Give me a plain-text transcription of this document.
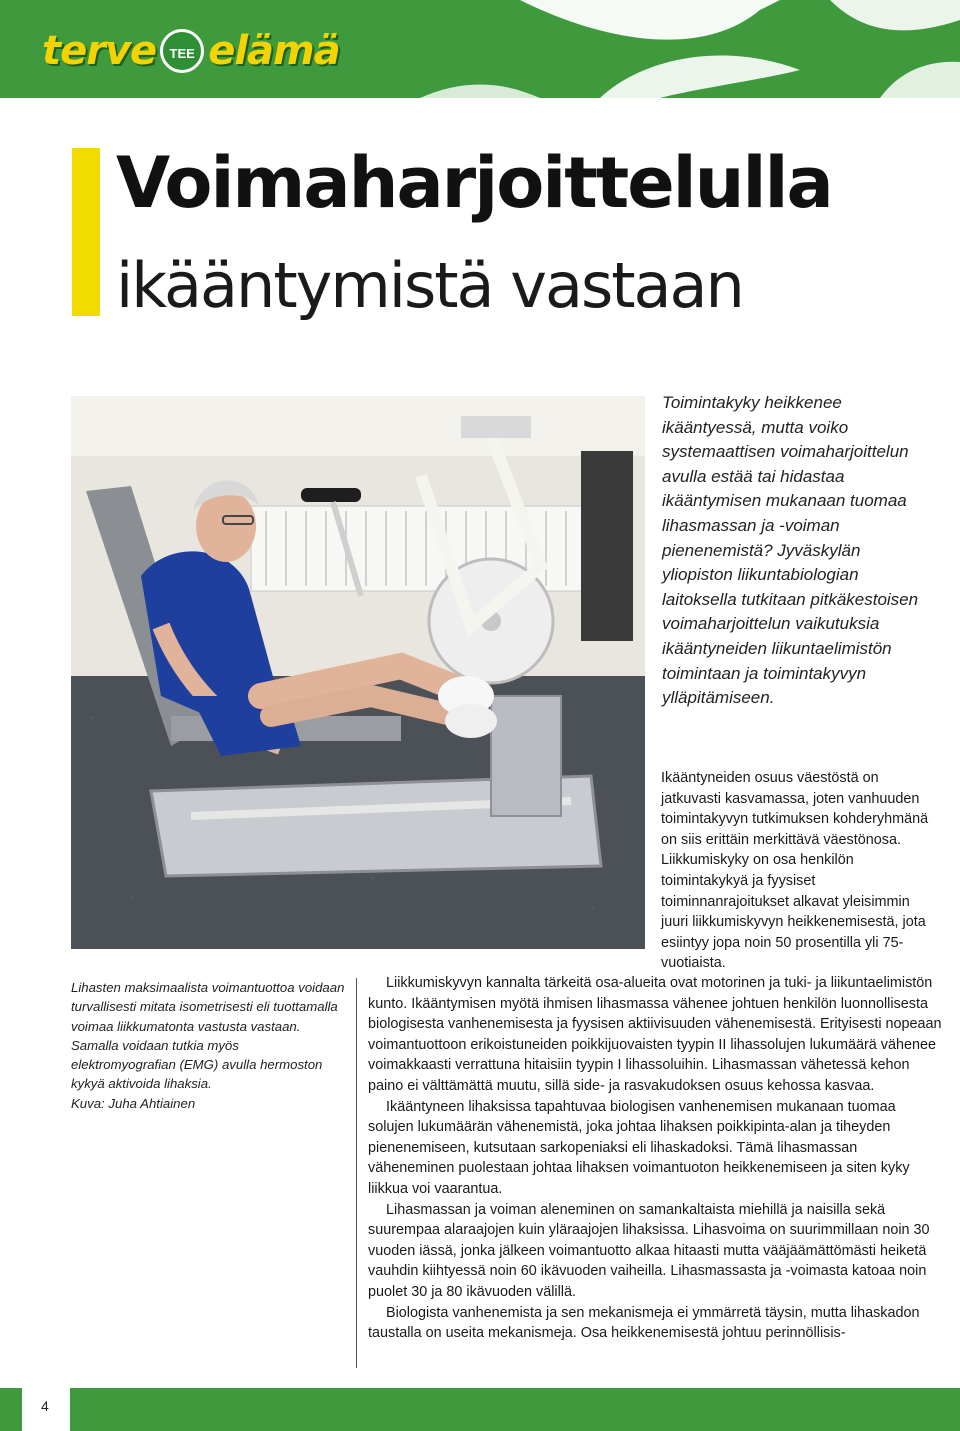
terve	TEE elämä
Voimaharjoittelulla
ikääntymistä vastaan
Toimintakyky heikkenee ikääntyessä, mutta voiko systemaattisen voimaharjoittelun avulla estää tai hidastaa ikääntymisen mukanaan tuomaa lihasmassan ja -voiman pienenemistä? Jyväskylän yliopiston liikuntabiologian laitoksella tutkitaan pitkäkestoisen voimaharjoittelun vaikutuksia ikääntyneiden liikuntaelimistön toimintaan ja toimintakyvyn ylläpitämiseen.
Lihasten maksimaalista voimantuottoa voidaan turvallisesti mitata isometrisesti eli tuottamalla voimaa liikkumatonta vastusta vastaan. Samalla voidaan tutkia myös elektromyografian (EMG) avulla hermoston kykyä aktivoida lihaksia.
Kuva: Juha Ahtiainen
Ikääntyneiden osuus väestöstä on jatkuvasti kasvamassa, joten vanhuuden toimintakyvyn tutkimuksen kohderyhmänä on siis erittäin merkittävä väestönosa. Liikkumiskyky on osa henkilön toimintakykyä ja fyysiset toiminnanrajoitukset alkavat yleisimmin juuri liikkumiskyvyn heikkenemisestä, jota esiintyy jopa noin 50 prosentilla yli 75-vuotiaista.

Liikkumiskyvyn kannalta tärkeitä osa-alueita ovat motorinen ja tuki- ja liikuntaelimistön kunto. Ikääntymisen myötä ihmisen lihasmassa vähenee johtuen henkilön luonnollisesta biologisesta vanhenemisesta ja fyysisen aktiivisuuden vähenemisestä. Erityisesti nopeaan voimantuottoon erikoistuneiden poikkijuovaisten tyypin II lihassolujen lukumäärä vähenee voimakkaasti verrattuna hitaisiin tyypin I lihassoluihin. Lihasmassan vähetessä kehon paino ei välttämättä muutu, sillä side- ja rasvakudoksen osuus kehossa kasvaa.

Ikääntyneen lihaksissa tapahtuvaa biologisen vanhenemisen mukanaan tuomaa solujen lukumäärän vähenemistä, joka johtaa lihaksen poikkipinta-alan ja tiheyden pienenemiseen, kutsutaan sarkopeniaksi eli lihaskadoksi. Tämä lihasmassan väheneminen puolestaan johtaa lihaksen voimantuoton heikkenemiseen ja siten kyky liikkua voi vaarantua.

Lihasmassan ja voiman aleneminen on samankaltaista miehillä ja naisilla sekä suurempaa alaraajojen kuin yläraajojen lihaksissa. Lihasvoima on suurimmillaan noin 30 vuoden iässä, jonka jälkeen voimantuotto alkaa hitaasti mutta vääjäämättömästi heiketä vauhdin kiihtyessä noin 60 ikävuoden vaiheilla. Lihasmassasta ja -voimasta katoaa noin puolet 30 ja 80 ikävuoden välillä.

Biologista vanhenemista ja sen mekanismeja ei ymmärretä täysin, mutta lihaskadon taustalla on useita mekanismeja. Osa heikkenemisestä johtuu perinnöllisis-

4
